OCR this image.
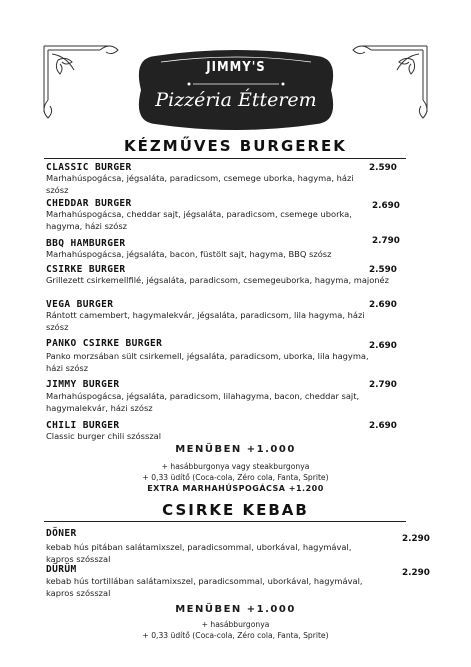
JIMMY'S
Pizzéria Étterem
KÉZMŰVES BURGEREK
CLASSIC BURGER	2.590
Marhahúspogácsa, jégsaláta, paradicsom, csemege uborka, hagyma, házi szósz
CHEDDAR BURGER	2.690
Marhahúspogácsa, cheddar sajt, jégsaláta, paradicsom, csemege uborka, hagyma, házi szósz
BBQ HAMBURGER	2.790
Marhahúspogácsa, jégsaláta, bacon, füstölt sajt, hagyma, BBQ szósz
CSIRKE BURGER	2.590
Grillezett csirkemellfilé, jégsaláta, paradicsom, csemegeuborka, hagyma, majonéz
VEGA BURGER	2.690
Rántott camembert, hagymalekvár, jégsaláta, paradicsom, lila hagyma, házi szósz
PANKO CSIRKE BURGER	2.690
Panko morzsában sült csirkemell, jégsaláta, paradicsom, uborka, lila hagyma, házi szósz
JIMMY BURGER	2.790
Marhahúspogácsa, jégsaláta, paradicsom, lilahagyma, bacon, cheddar sajt, hagymalekvár, házi szósz
CHILI BURGER	2.690
Classic burger chili szósszal
MENÜBEN +1.000
+ hasábburgonya vagy steakburgonya
+ 0,33 üdítő (Coca-cola, Zéro cola, Fanta, Sprite)
EXTRA MARHAHÚSPOGÁCSA +1.200
CSIRKE KEBAB
DÖNER	2.290
kebab hús pitában salátamixszel, paradicsommal, uborkával, hagymával, kapros szósszal
DÜRÜM	2.290
kebab hús tortillában salátamixszel, paradicsommal, uborkával, hagymával, kapros szósszal
MENÜBEN +1.000
+ hasábburgonya
+ 0,33 üdítő (Coca-cola, Zéro cola, Fanta, Sprite)
